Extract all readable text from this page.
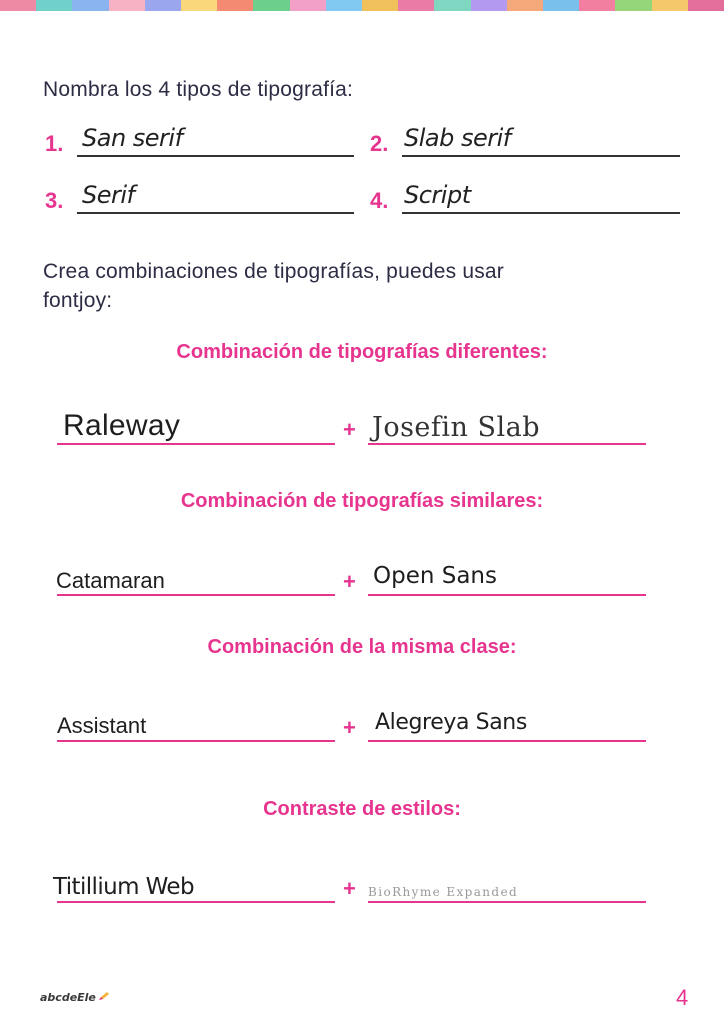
Nombra los 4 tipos de tipografía:
1. San serif	2. Slab serif
3. Serif	4. Script
Crea combinaciones de tipografías, puedes usar
fontjoy:
Combinación de tipografías diferentes:
Raleway	+ Josefin Slab
Combinación de tipografías similares:
Catamaran	+ Open Sans
Combinación de la misma clase:
Assistant	+ Alegreya Sans
Contraste de estilos:
Titillium Web	+ BioRhyme Expanded
abcdeEle	4
